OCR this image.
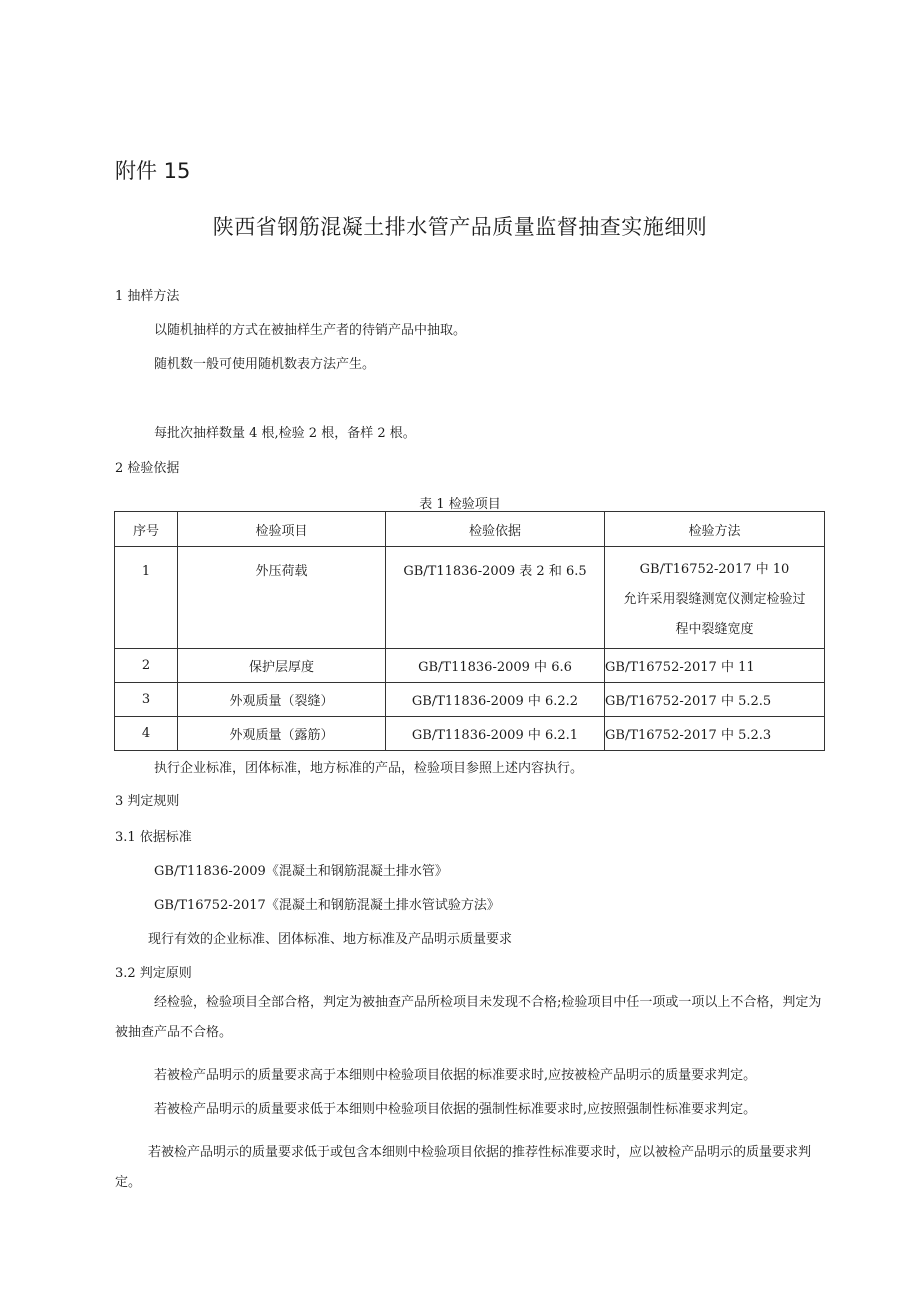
附件 15
陕西省钢筋混凝土排水管产品质量监督抽查实施细则
1 抽样方法
以随机抽样的方式在被抽样生产者的待销产品中抽取。
随机数一般可使用随机数表方法产生。
每批次抽样数量 4 根,检验 2 根，备样 2 根。
2 检验依据
表 1 检验项目
序号	检验项目	检验依据	检验方法

1	外压荷载	GB/T11836-2009 表 2 和 6.5	GB/T16752-2017 中 10
允许采用裂缝测宽仪测定检验过
程中裂缝宽度

2	保护层厚度	GB/T11836-2009 中 6.6	GB/T16752-2017 中 11
3	外观质量（裂缝）	GB/T11836-2009 中 6.2.2	GB/T16752-2017 中 5.2.5
4	外观质量（露筋）	GB/T11836-2009 中 6.2.1	GB/T16752-2017 中 5.2.3
执行企业标准，团体标准，地方标准的产品，检验项目参照上述内容执行。
3 判定规则
3.1 依据标准
GB/T11836-2009《混凝土和钢筋混凝土排水管》
GB/T16752-2017《混凝土和钢筋混凝土排水管试验方法》
现行有效的企业标准、团体标准、地方标准及产品明示质量要求
3.2 判定原则
经检验，检验项目全部合格，判定为被抽查产品所检项目未发现不合格;检验项目中任一项或一项以上不合格，判定为被抽查产品不合格。
若被检产品明示的质量要求高于本细则中检验项目依据的标准要求时,应按被检产品明示的质量要求判定。
若被检产品明示的质量要求低于本细则中检验项目依据的强制性标准要求时,应按照强制性标准要求判定。
若被检产品明示的质量要求低于或包含本细则中检验项目依据的推荐性标准要求时，应以被检产品明示的质量要求判定。
